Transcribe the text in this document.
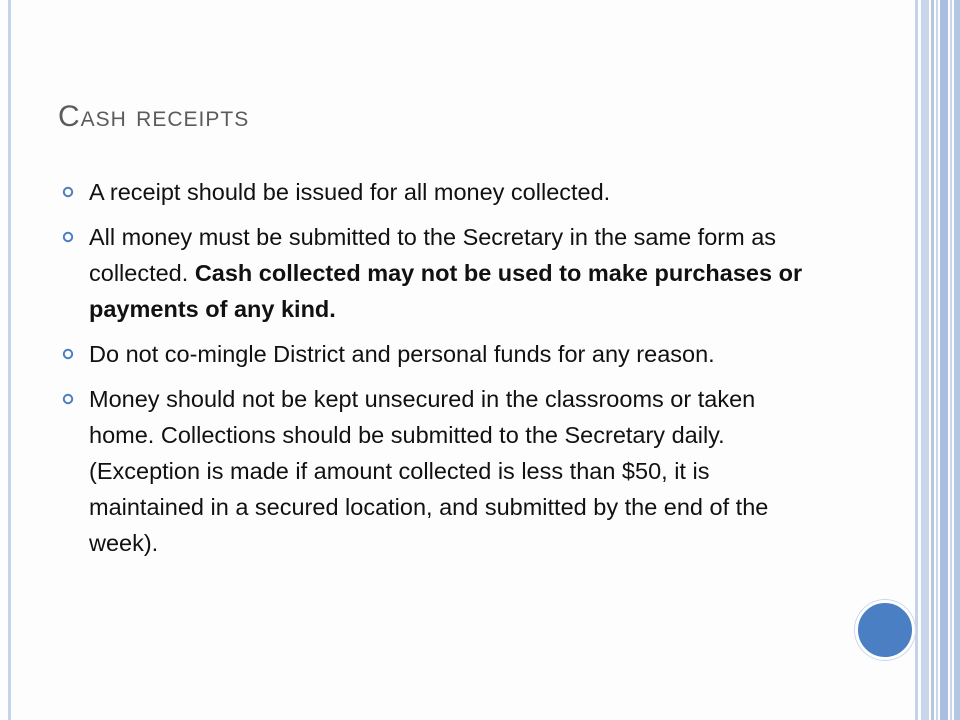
Cash receipts
A receipt should be issued for all money collected.
All money must be submitted to the Secretary in the same form as collected. Cash collected may not be used to make purchases or payments of any kind.
Do not co-mingle District and personal funds for any reason.
Money should not be kept unsecured in the classrooms or taken home. Collections should be submitted to the Secretary daily. (Exception is made if amount collected is less than $50, it is maintained in a secured location, and submitted by the end of the week).
